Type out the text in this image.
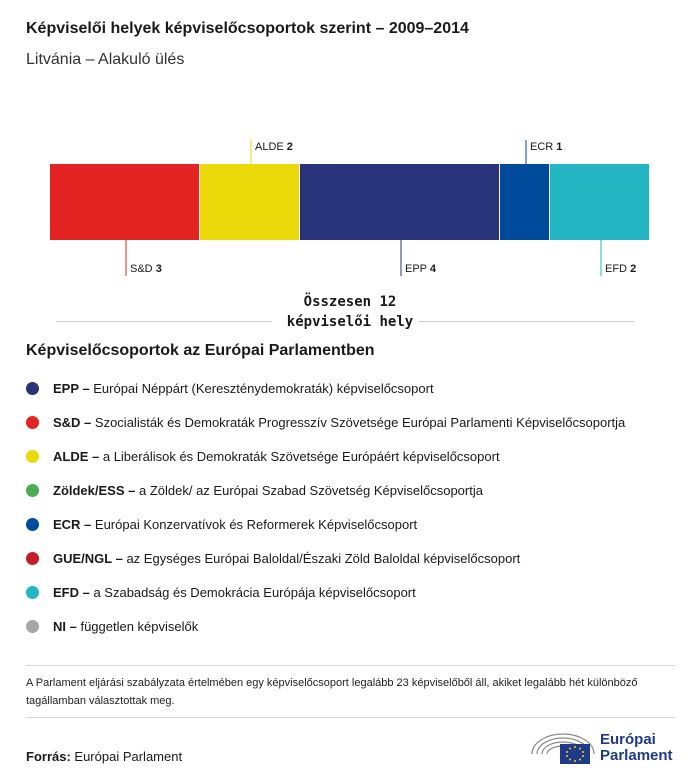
Képviselői helyek képviselőcsoportok szerint – 2009–2014
Litvánia – Alakuló ülés
S&D 3
ALDE 2
EPP 4
ECR 1
EFD 2
Összesen 12 képviselői hely
Képviselőcsoportok az Európai Parlamentben
EPP – Európai Néppárt (Kereszténydemokraták) képviselőcsoport
S&D – Szocialisták és Demokraták Progresszív Szövetsége Európai Parlamenti Képviselőcsoportja
ALDE – a Liberálisok és Demokraták Szövetsége Európáért képviselőcsoport
Zöldek/ESS – a Zöldek/ az Európai Szabad Szövetség Képviselőcsoportja
ECR – Európai Konzervatívok és Reformerek Képviselőcsoport
GUE/NGL – az Egységes Európai Baloldal/Északi Zöld Baloldal képviselőcsoport
EFD – a Szabadság és Demokrácia Európája képviselőcsoport
NI – független képviselők
A Parlament eljárási szabályzata értelmében egy képviselőcsoport legalább 23 képviselőből áll, akiket legalább hét különböző tagállamban választottak meg.
Forrás: Európai Parlament
Európai
Parlament
